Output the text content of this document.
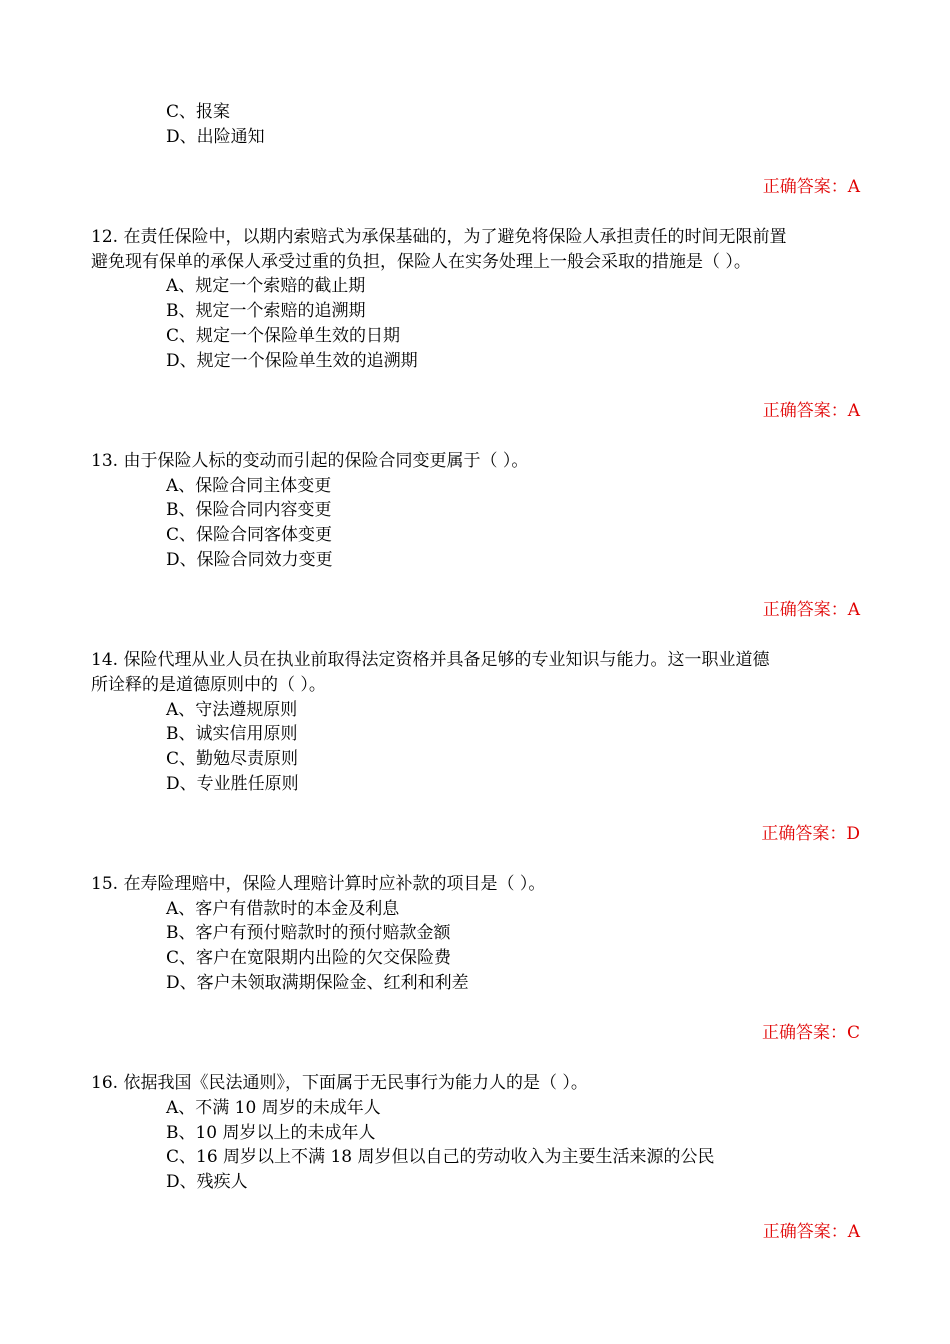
C、报案
D、出险通知
正确答案：A
12. 在责任保险中，以期内索赔式为承保基础的，为了避免将保险人承担责任的时间无限前置
避免现有保单的承保人承受过重的负担，保险人在实务处理上一般会采取的措施是（ ）。
A、规定一个索赔的截止期
B、规定一个索赔的追溯期
C、规定一个保险单生效的日期
D、规定一个保险单生效的追溯期
正确答案：A
13. 由于保险人标的变动而引起的保险合同变更属于（ ）。
A、保险合同主体变更
B、保险合同内容变更
C、保险合同客体变更
D、保险合同效力变更
正确答案：A
14. 保险代理从业人员在执业前取得法定资格并具备足够的专业知识与能力。这一职业道德
所诠释的是道德原则中的（ ）。
A、守法遵规原则
B、诚实信用原则
C、勤勉尽责原则
D、专业胜任原则
正确答案：D
15. 在寿险理赔中，保险人理赔计算时应补款的项目是（ ）。
A、客户有借款时的本金及利息
B、客户有预付赔款时的预付赔款金额
C、客户在宽限期内出险的欠交保险费
D、客户未领取满期保险金、红利和利差
正确答案：C
16. 依据我国《民法通则》，下面属于无民事行为能力人的是（ ）。
A、不满 10 周岁的未成年人
B、10 周岁以上的未成年人
C、16 周岁以上不满 18 周岁但以自己的劳动收入为主要生活来源的公民
D、残疾人
正确答案：A
